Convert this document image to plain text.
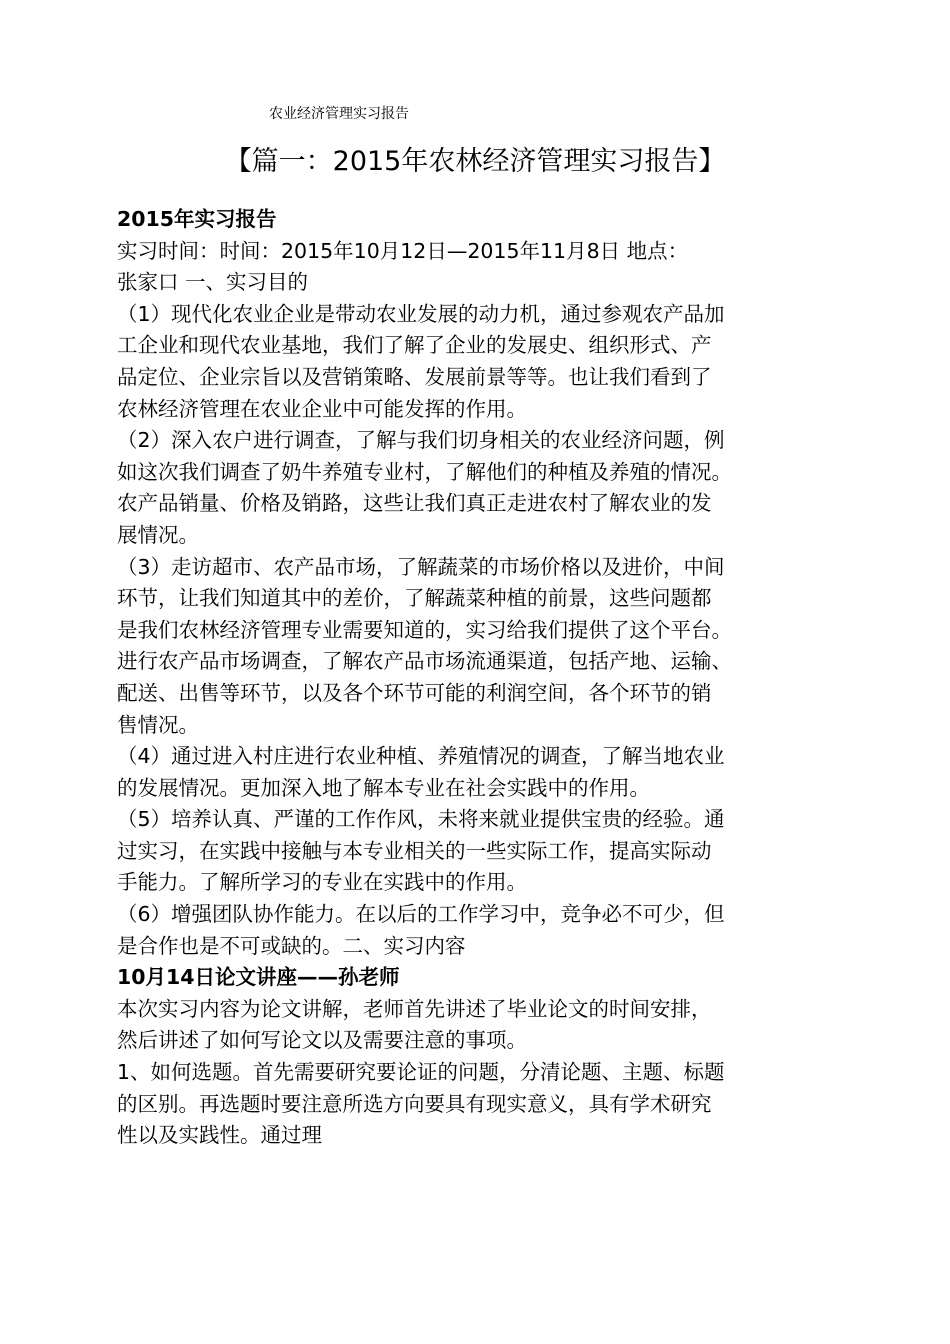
农业经济管理实习报告
【篇一：2015年农林经济管理实习报告】
2015年实习报告
实习时间：时间：2015年10月12日—2015年11月8日 地点：
张家口 一、实习目的
（1）现代化农业企业是带动农业发展的动力机，通过参观农产品加
工企业和现代农业基地，我们了解了企业的发展史、组织形式、产
品定位、企业宗旨以及营销策略、发展前景等等。也让我们看到了
农林经济管理在农业企业中可能发挥的作用。
（2）深入农户进行调查，了解与我们切身相关的农业经济问题，例
如这次我们调查了奶牛养殖专业村，了解他们的种植及养殖的情况。
农产品销量、价格及销路，这些让我们真正走进农村了解农业的发
展情况。
（3）走访超市、农产品市场，了解蔬菜的市场价格以及进价，中间
环节，让我们知道其中的差价，了解蔬菜种植的前景，这些问题都
是我们农林经济管理专业需要知道的，实习给我们提供了这个平台。
进行农产品市场调查，了解农产品市场流通渠道，包括产地、运输、
配送、出售等环节，以及各个环节可能的利润空间，各个环节的销
售情况。
（4）通过进入村庄进行农业种植、养殖情况的调查，了解当地农业
的发展情况。更加深入地了解本专业在社会实践中的作用。
（5）培养认真、严谨的工作作风，未将来就业提供宝贵的经验。通
过实习，在实践中接触与本专业相关的一些实际工作，提高实际动
手能力。了解所学习的专业在实践中的作用。
（6）增强团队协作能力。在以后的工作学习中，竞争必不可少，但
是合作也是不可或缺的。二、实习内容
10月14日论文讲座——孙老师
本次实习内容为论文讲解，老师首先讲述了毕业论文的时间安排，
然后讲述了如何写论文以及需要注意的事项。
1、如何选题。首先需要研究要论证的问题，分清论题、主题、标题
的区别。再选题时要注意所选方向要具有现实意义，具有学术研究
性以及实践性。通过理
